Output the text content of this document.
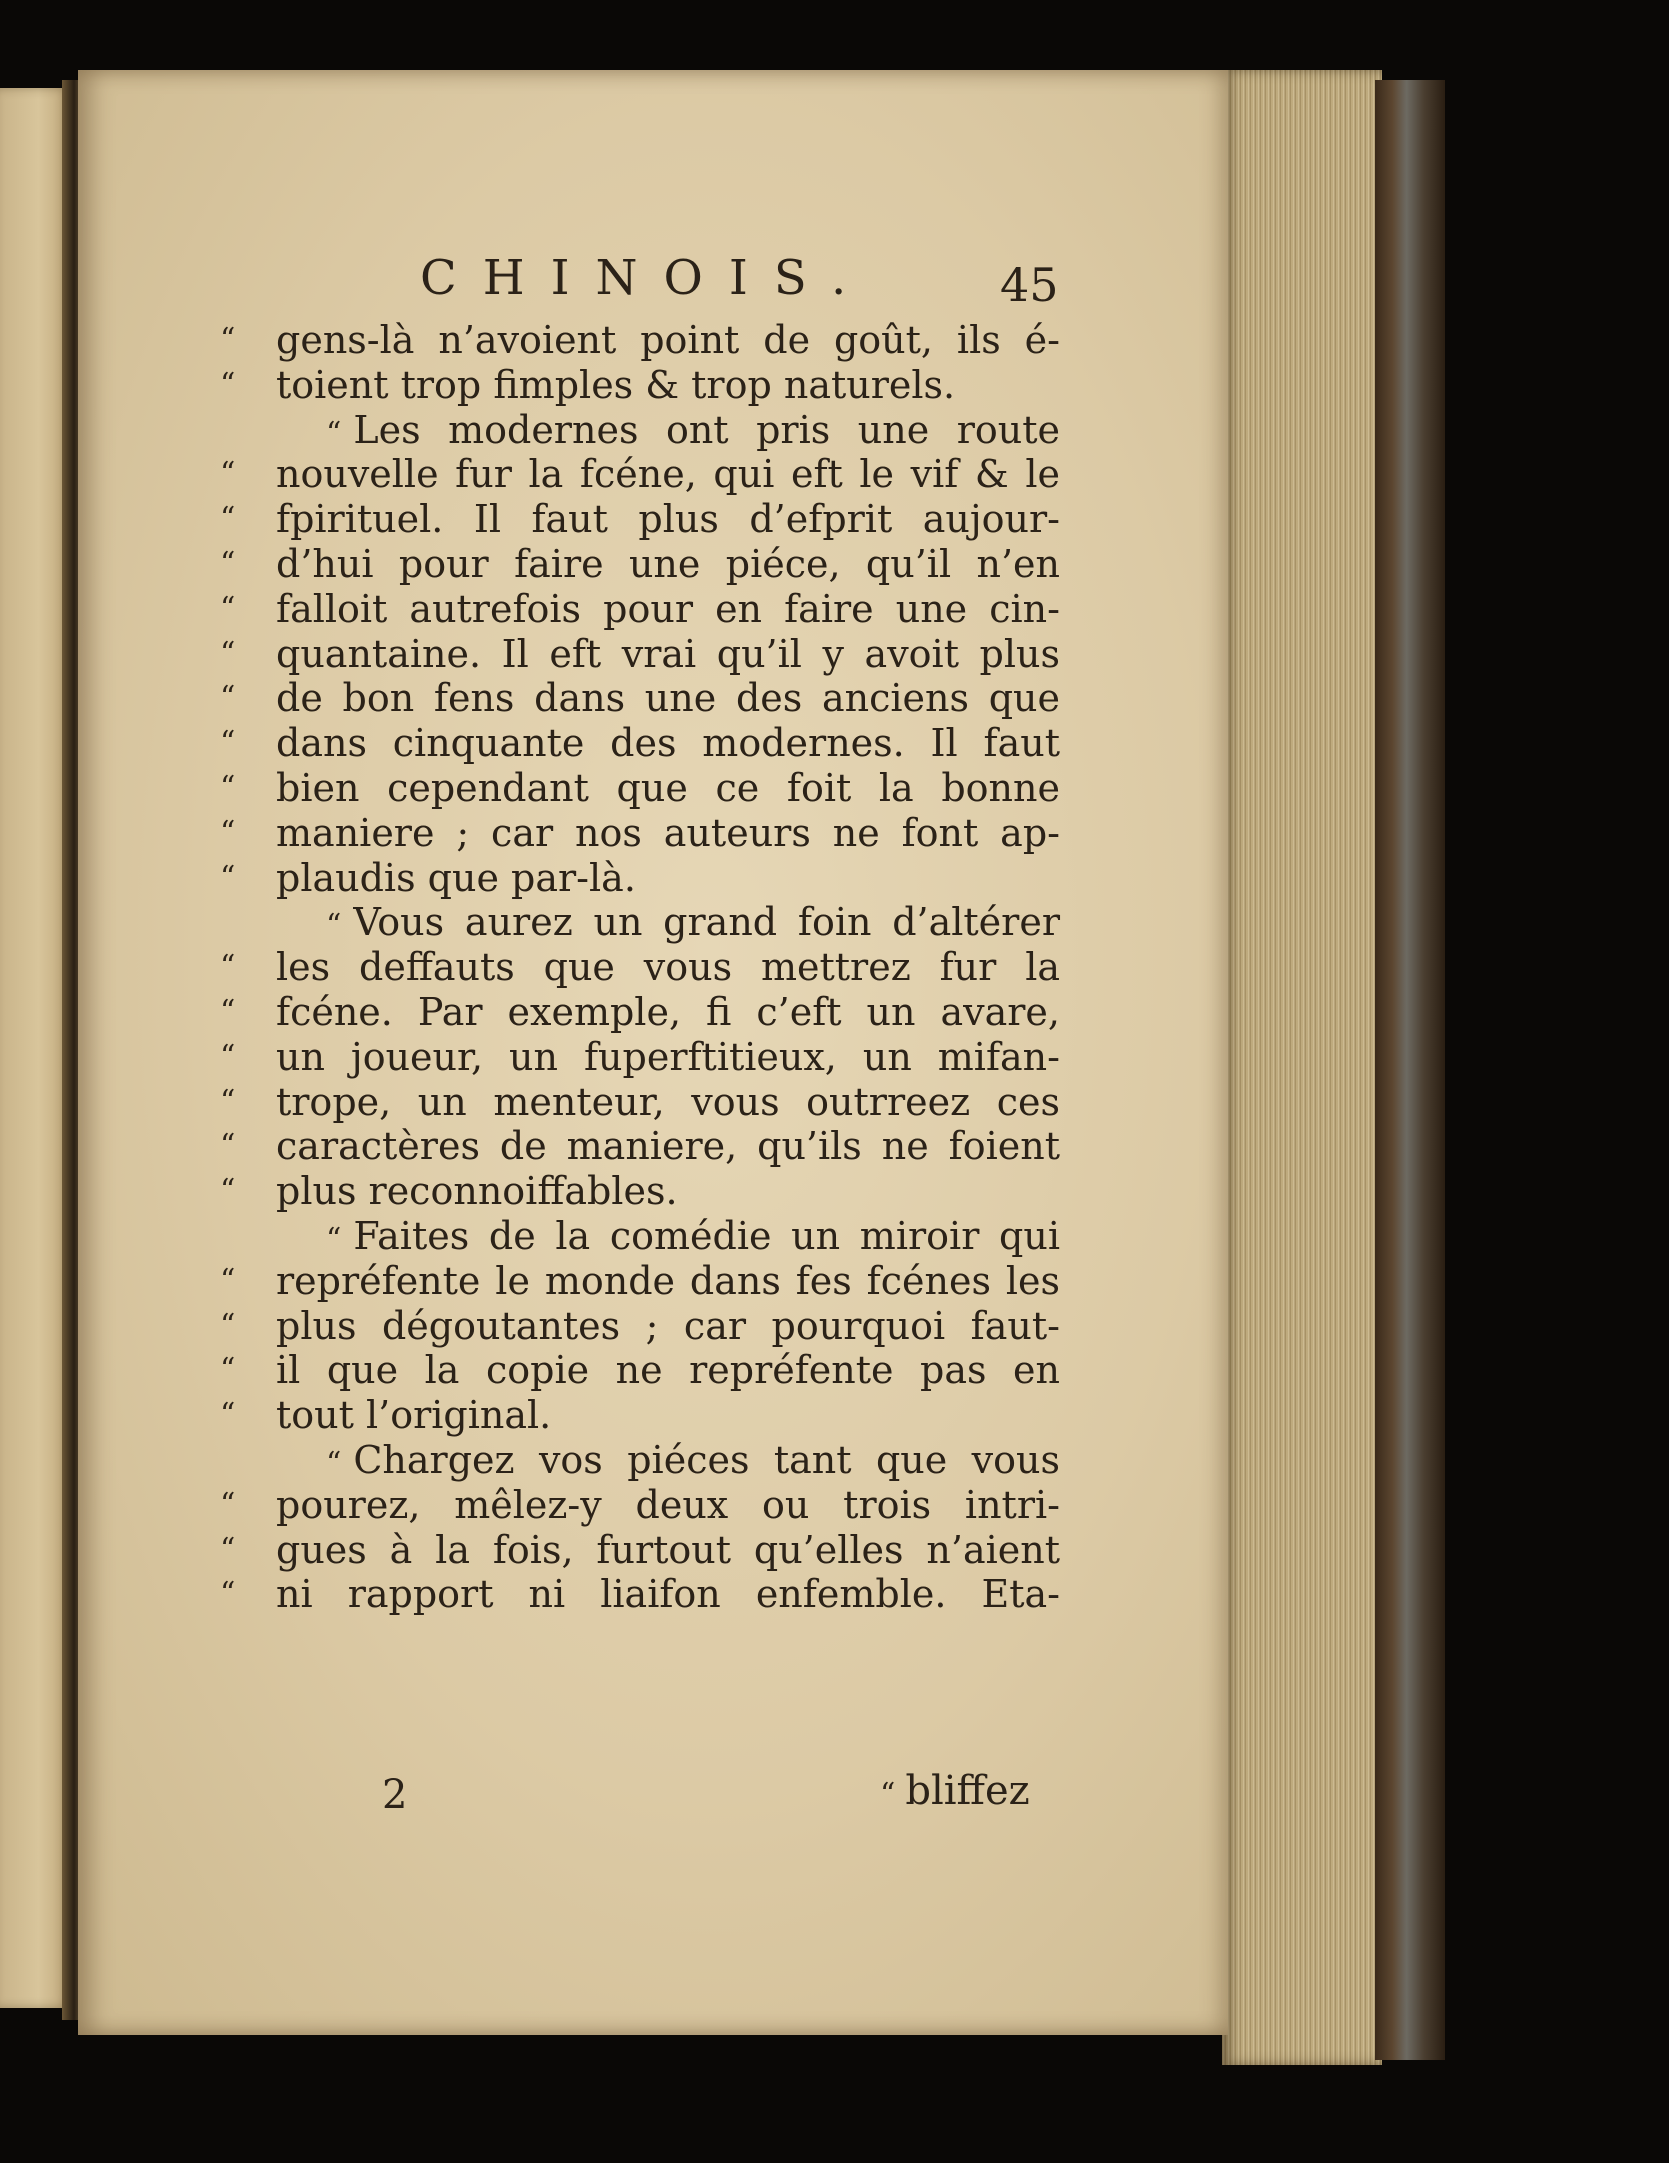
CHINOIS.	45
“	gens-là n’avoient point de goût, ils é-
“	toient trop fimples & trop naturels.
“ Les modernes ont pris une route
“	nouvelle fur la fcéne, qui eft le vif & le
“	fpirituel. Il faut plus d’efprit aujour-
“	d’hui pour faire une piéce, qu’il n’en
“	falloit autrefois pour en faire une cin-
“	quantaine. Il eft vrai qu’il y avoit plus
“	de bon fens dans une des anciens que
“	dans cinquante des modernes. Il faut
“	bien cependant que ce foit la bonne
“	maniere ; car nos auteurs ne font ap-
“	plaudis que par-là.
“ Vous aurez un grand foin d’altérer
“	les deffauts que vous mettrez fur la
“	fcéne. Par exemple, fi c’eft un avare,
“	un joueur, un fuperftitieux, un mifan-
“	trope, un menteur, vous outrreez ces
“	caractères de maniere, qu’ils ne foient
“	plus reconnoiffables.
“ Faites de la comédie un miroir qui
“	repréfente le monde dans fes fcénes les
“	plus dégoutantes ; car pourquoi faut-
“	il que la copie ne repréfente pas en
“	tout l’original.
“ Chargez vos piéces tant que vous
“	pourez, mêlez-y deux ou trois intri-
“	gues à la fois, furtout qu’elles n’aient
“	ni rapport ni liaifon enfemble. Eta-
2	“ bliffez
